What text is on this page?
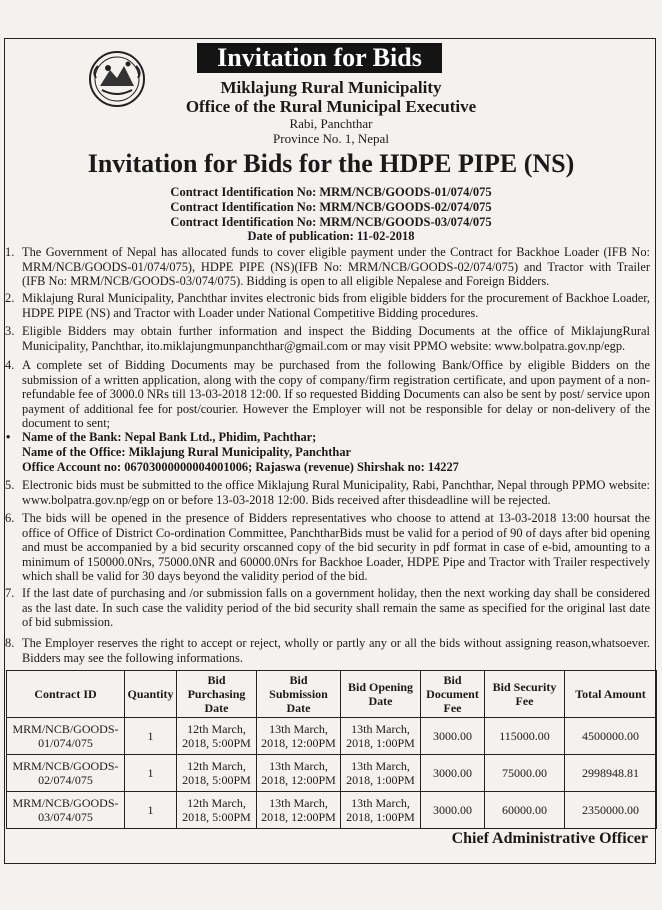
Invitation for Bids
Miklajung Rural Municipality
Office of the Rural Municipal Executive
Rabi, Panchthar
Province No. 1, Nepal
Invitation for Bids for the HDPE PIPE (NS)
Contract Identification No: MRM/NCB/GOODS-01/074/075
Contract Identification No: MRM/NCB/GOODS-02/074/075
Contract Identification No: MRM/NCB/GOODS-03/074/075
Date of publication: 11-02-2018
1. The Government of Nepal has allocated funds to cover eligible payment under the Contract for Backhoe Loader (IFB No: MRM/NCB/GOODS-01/074/075), HDPE PIPE (NS)(IFB No: MRM/NCB/GOODS-02/074/075) and Tractor with Trailer (IFB No: MRM/NCB/GOODS-03/074/075). Bidding is open to all eligible Nepalese and Foreign Bidders.
2. Miklajung Rural Municipality, Panchthar invites electronic bids from eligible bidders for the procurement of Backhoe Loader, HDPE PIPE (NS) and Tractor with Loader under National Competitive Bidding procedures.
3. Eligible Bidders may obtain further information and inspect the Bidding Documents at the office of MiklajungRural Municipality, Panchthar, ito.miklajungmunpanchthar@gmail.com or may visit PPMO website: www.bolpatra.gov.np/egp.
4. A complete set of Bidding Documents may be purchased from the following Bank/Office by eligible Bidders on the submission of a written application, along with the copy of company/firm registration certificate, and upon payment of a non-refundable fee of 3000.0 NRs till 13-03-2018 12:00. If so requested Bidding Documents can also be sent by post/ service upon payment of additional fee for post/courier. However the Employer will not be responsible for delay or non-delivery of the document to sent;
• Name of the Bank: Nepal Bank Ltd., Phidim, Pachthar;
Name of the Office: Miklajung Rural Municipality, Panchthar
Office Account no: 06703000000004001006; Rajaswa (revenue) Shirshak no: 14227
5. Electronic bids must be submitted to the office Miklajung Rural Municipality, Rabi, Panchthar, Nepal through PPMO website: www.bolpatra.gov.np/egp on or before 13-03-2018 12:00. Bids received after thisdeadline will be rejected.
6. The bids will be opened in the presence of Bidders representatives who choose to attend at 13-03-2018 13:00 hoursat the office of Office of District Co-ordination Committee, PanchtharBids must be valid for a period of 90 of days after bid opening and must be accompanied by a bid security orscanned copy of the bid security in pdf format in case of e-bid, amounting to a minimum of 150000.0Nrs, 75000.0NR and 60000.0Nrs for Backhoe Loader, HDPE Pipe and Tractor with Trailer respectively which shall be valid for 30 days beyond the validity period of the bid.
7. If the last date of purchasing and /or submission falls on a government holiday, then the next working day shall be considered as the last date. In such case the validity period of the bid security shall remain the same as specified for the original last date of bid submission.
8. The Employer reserves the right to accept or reject, wholly or partly any or all the bids without assigning reason,whatsoever. Bidders may see the following informations.
Contract ID	Quantity	Bid Purchasing Date	Bid Submission Date	Bid Opening Date	Bid Document Fee	Bid Security Fee	Total Amount
MRM/NCB/GOODS-01/074/075	1	12th March, 2018, 5:00PM	13th March, 2018, 12:00PM	13th March, 2018, 1:00PM	3000.00	115000.00	4500000.00
MRM/NCB/GOODS-02/074/075	1	12th March, 2018, 5:00PM	13th March, 2018, 12:00PM	13th March, 2018, 1:00PM	3000.00	75000.00	2998948.81
MRM/NCB/GOODS-03/074/075	1	12th March, 2018, 5:00PM	13th March, 2018, 12:00PM	13th March, 2018, 1:00PM	3000.00	60000.00	2350000.00
Chief Administrative Officer
